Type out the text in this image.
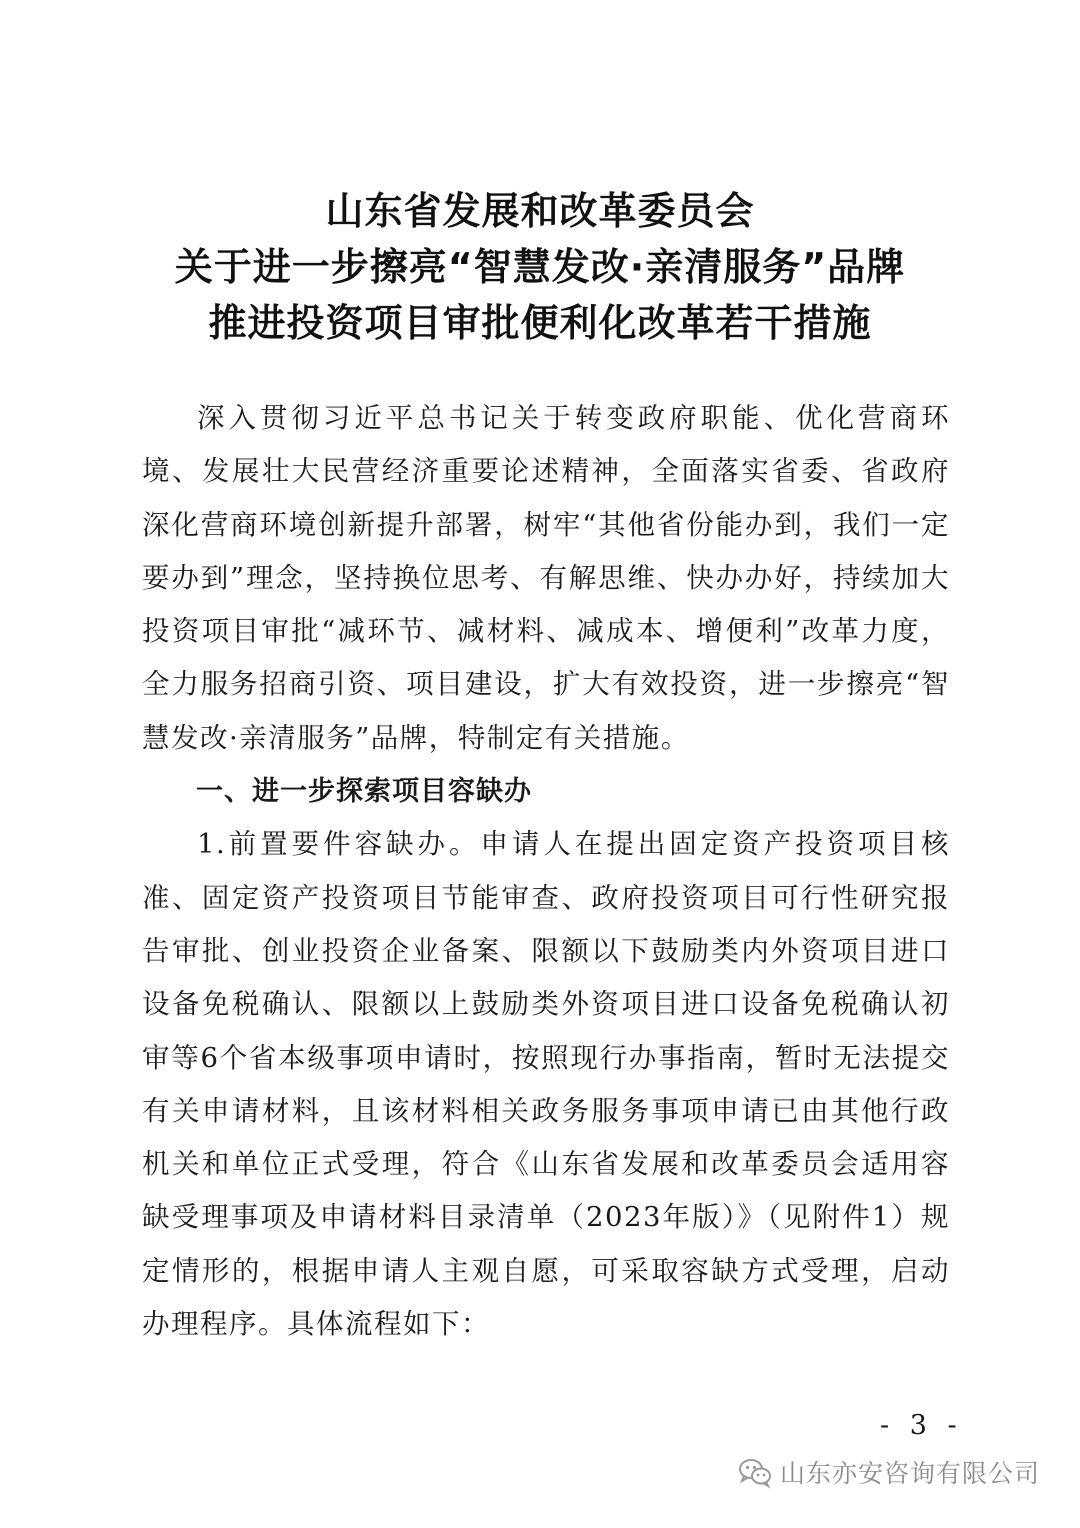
山东省发展和改革委员会
关于进一步擦亮“智慧发改·亲清服务”品牌
推进投资项目审批便利化改革若干措施

深入贯彻习近平总书记关于转变政府职能、优化营商环境、发展壮大民营经济重要论述精神，全面落实省委、省政府深化营商环境创新提升部署，树牢“其他省份能办到，我们一定要办到”理念，坚持换位思考、有解思维、快办办好，持续加大投资项目审批“减环节、减材料、减成本、增便利”改革力度，全力服务招商引资、项目建设，扩大有效投资，进一步擦亮“智慧发改·亲清服务”品牌，特制定有关措施。

一、进一步探索项目容缺办

1.前置要件容缺办。申请人在提出固定资产投资项目核准、固定资产投资项目节能审查、政府投资项目可行性研究报告审批、创业投资企业备案、限额以下鼓励类内外资项目进口设备免税确认、限额以上鼓励类外资项目进口设备免税确认初审等6个省本级事项申请时，按照现行办事指南，暂时无法提交有关申请材料，且该材料相关政务服务事项申请已由其他行政机关和单位正式受理，符合《山东省发展和改革委员会适用容缺受理事项及申请材料目录清单（2023年版）》（见附件1）规定情形的，根据申请人主观自愿，可采取容缺方式受理，启动办理程序。具体流程如下：

- 3 -
山东亦安咨询有限公司
